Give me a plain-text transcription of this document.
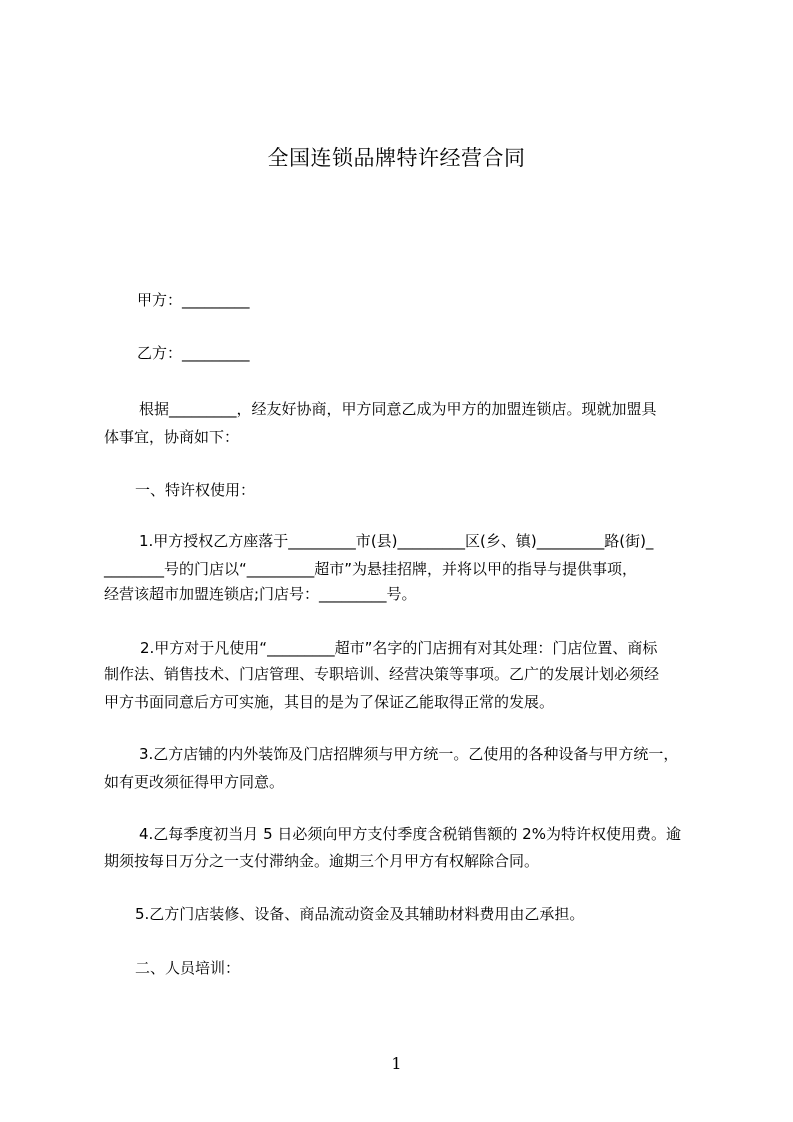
全国连锁品牌特许经营合同
甲方：_________
乙方：_________
根据_________，经友好协商，甲方同意乙成为甲方的加盟连锁店。现就加盟具
体事宜，协商如下：
一、特许权使用：
1.甲方授权乙方座落于_________市(县)_________区(乡、镇)_________路(街)_
________号的门店以“_________超市”为悬挂招牌，并将以甲的指导与提供事项，
经营该超市加盟连锁店;门店号：_________号。
2.甲方对于凡使用“_________超市”名字的门店拥有对其处理：门店位置、商标
制作法、销售技术、门店管理、专职培训、经营决策等事项。乙广的发展计划必须经
甲方书面同意后方可实施，其目的是为了保证乙能取得正常的发展。
3.乙方店铺的内外装饰及门店招牌须与甲方统一。乙使用的各种设备与甲方统一，
如有更改须征得甲方同意。
4.乙每季度初当月 5 日必须向甲方支付季度含税销售额的 2%为特许权使用费。逾
期须按每日万分之一支付滞纳金。逾期三个月甲方有权解除合同。
5.乙方门店装修、设备、商品流动资金及其辅助材料费用由乙承担。
二、人员培训：
1
